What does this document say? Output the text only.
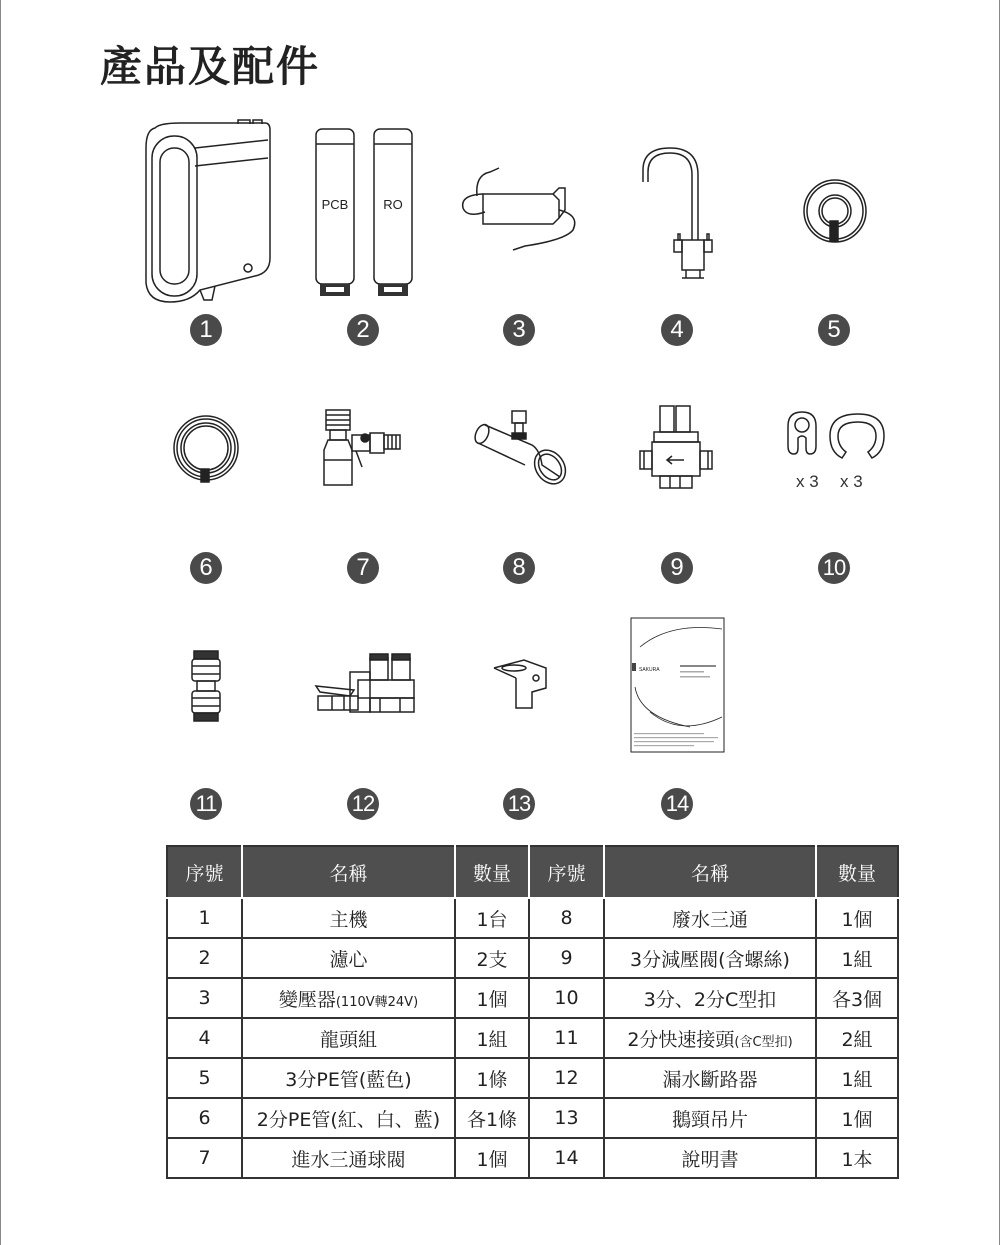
產品及配件
1
PCB	RO
2	3	4	5
6	7	8	9
x 3 x 3
10
11	12	13
SAKURA
14
序號	名稱	數量	序號	名稱	數量
1	主機	1台	8	廢水三通	1個
2	濾心	2支	9	3分減壓閥(含螺絲)	1組
3	變壓器(110V轉24V)	1個	10	3分、2分C型扣	各3個
4	龍頭組	1組	11	2分快速接頭(含C型扣)	2組
5	3分PE管(藍色)	1條	12	漏水斷路器	1組
6	2分PE管(紅、白、藍)	各1條	13	鵝頸吊片	1個
7	進水三通球閥	1個	14	說明書	1本
